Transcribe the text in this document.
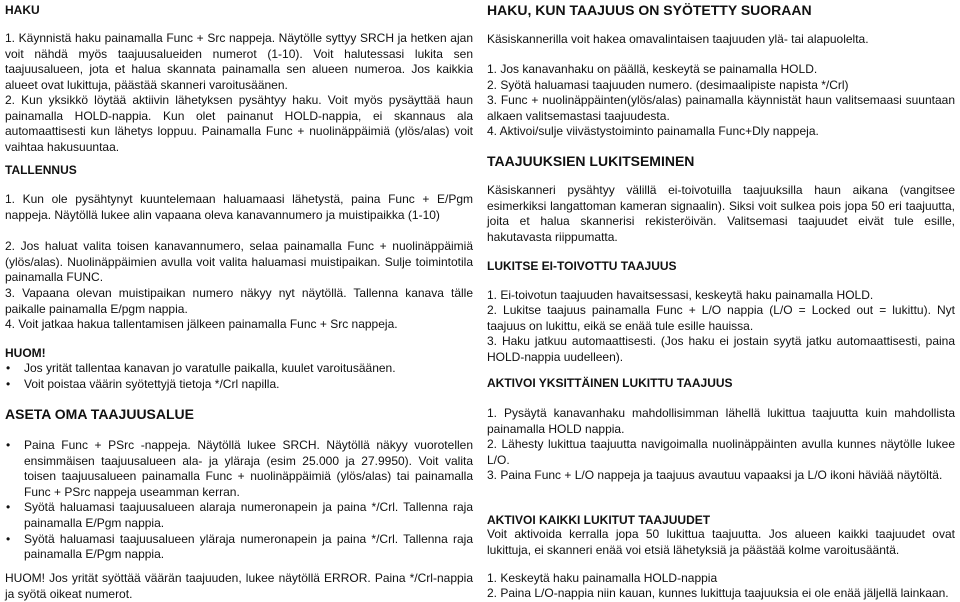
HAKU

1. Käynnistä haku painamalla Func + Src nappeja. Näytölle syttyy SRCH ja hetken ajan voit nähdä myös taajuusalueiden numerot (1-10). Voit halutessasi lukita sen taajuusalueen, jota et halua skannata painamalla sen alueen numeroa. Jos kaikkia alueet ovat lukittuja, päästää skanneri varoitusäänen.

2. Kun yksikkö löytää aktiivin lähetyksen pysähtyy haku. Voit myös pysäyttää haun painamalla HOLD-nappia. Kun olet painanut HOLD-nappia, ei skannaus ala automaattisesti kun lähetys loppuu. Painamalla Func + nuolinäppäimiä (ylös/alas) voit vaihtaa hakusuuntaa.

TALLENNUS

1. Kun ole pysähtynyt kuuntelemaan haluamaasi lähetystä, paina Func + E/Pgm nappeja. Näytöllä lukee alin vapaana oleva kanavannumero ja muistipaikka (1-10)

2. Jos haluat valita toisen kanavannumero, selaa painamalla Func + nuolinäppäimiä (ylös/alas). Nuolinäppäimien avulla voit valita haluamasi muistipaikan. Sulje toimintotila painamalla FUNC.

3. Vapaana olevan muistipaikan numero näkyy nyt näytöllä. Tallenna kanava tälle paikalle painamalla E/pgm nappia.

4. Voit jatkaa hakua tallentamisen jälkeen painamalla Func + Src nappeja.

HUOM!
• Jos yrität tallentaa kanavan jo varatulle paikalla, kuulet varoitusäänen.
• Voit poistaa väärin syötettyjä tietoja */Crl napilla.
ASETA OMA TAAJUUSALUE
• Paina Func + PSrc -nappeja. Näytöllä lukee SRCH. Näytöllä näkyy vuorotellen ensimmäisen taajuusalueen ala- ja yläraja (esim 25.000 ja 27.9950). Voit valita toisen taajuusalueen painamalla Func + nuolinäppäimiä (ylös/alas) tai painamalla Func + PSrc nappeja useamman kerran.
• Syötä haluamasi taajuusalueen alaraja numeronapein ja paina */Crl. Tallenna raja painamalla E/Pgm nappia.
• Syötä haluamasi taajuusalueen yläraja numeronapein ja paina */Crl. Tallenna raja painamalla E/Pgm nappia.

HUOM! Jos yrität syöttää väärän taajuuden, lukee näytöllä ERROR. Paina */Crl-nappia ja syötä oikeat numerot.

HAKU, KUN TAAJUUS ON SYÖTETTY SUORAAN

Käsiskannerilla voit hakea omavalintaisen taajuuden ylä- tai alapuolelta.

1. Jos kanavanhaku on päällä, keskeytä se painamalla HOLD.

2. Syötä haluamasi taajuuden numero. (desimaalipiste napista */Crl)

3. Func + nuolinäppäinten(ylös/alas) painamalla käynnistät haun valitsemaasi suuntaan alkaen valitsemastasi taajuudesta.

4. Aktivoi/sulje viivästystoiminto painamalla Func+Dly nappeja.

TAAJUUKSIEN LUKITSEMINEN

Käsiskanneri pysähtyy välillä ei-toivotuilla taajuuksilla haun aikana (vangitsee esimerkiksi langattoman kameran signaalin). Siksi voit sulkea pois jopa 50 eri taajuutta, joita et halua skannerisi rekisteröivän. Valitsemasi taajuudet eivät tule esille, hakutavasta riippumatta.

LUKITSE EI-TOIVOTTU TAAJUUS

1. Ei-toivotun taajuuden havaitsessasi, keskeytä haku painamalla HOLD.

2. Lukitse taajuus painamalla Func + L/O nappia (L/O = Locked out = lukittu). Nyt taajuus on lukittu, eikä se enää tule esille hauissa.

3. Haku jatkuu automaattisesti. (Jos haku ei jostain syytä jatku automaattisesti, paina HOLD-nappia uudelleen).

AKTIVOI YKSITTÄINEN LUKITTU TAAJUUS

1. Pysäytä kanavanhaku mahdollisimman lähellä lukittua taajuutta kuin mahdollista painamalla HOLD nappia.

2. Lähesty lukittua taajuutta navigoimalla nuolinäppäinten avulla kunnes näytölle lukee L/O.

3. Paina Func + L/O nappeja ja taajuus avautuu vapaaksi ja L/O ikoni häviää näytöltä.

AKTIVOI KAIKKI LUKITUT TAAJUUDET

Voit aktivoida kerralla jopa 50 lukittua taajuutta. Jos alueen kaikki taajuudet ovat lukittuja, ei skanneri enää voi etsiä lähetyksiä ja päästää kolme varoitusääntä.

1. Keskeytä haku painamalla HOLD-nappia

2. Paina L/O-nappia niin kauan, kunnes lukittuja taajuuksia ei ole enää jäljellä lainkaan.
